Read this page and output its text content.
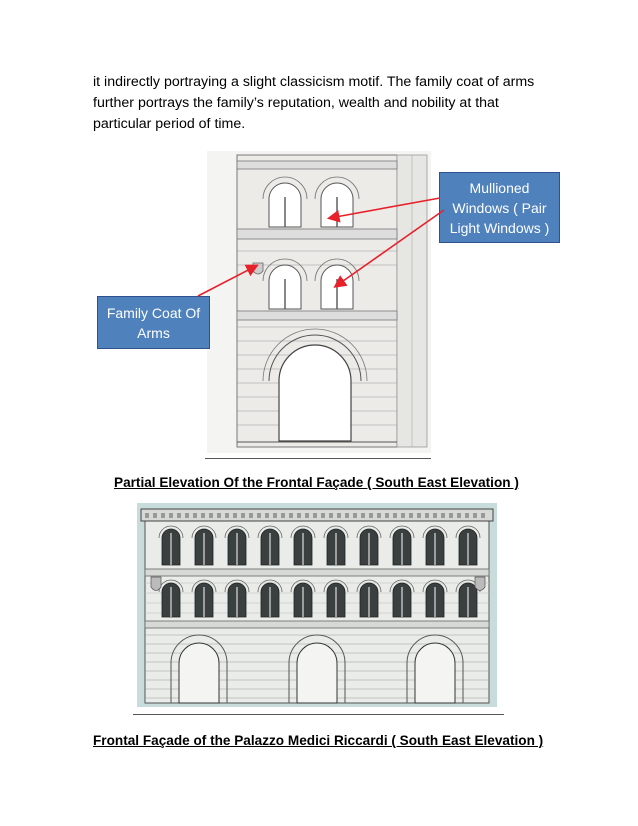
it indirectly portraying a slight classicism motif. The family coat of arms
further portrays the family’s reputation, wealth and nobility at that
particular period of time.

Mullioned
Windows ( Pair
Light Windows )
Family Coat Of
Arms

Partial Elevation Of the Frontal Façade ( South East Elevation )

Frontal Façade of the Palazzo Medici Riccardi ( South East Elevation )
